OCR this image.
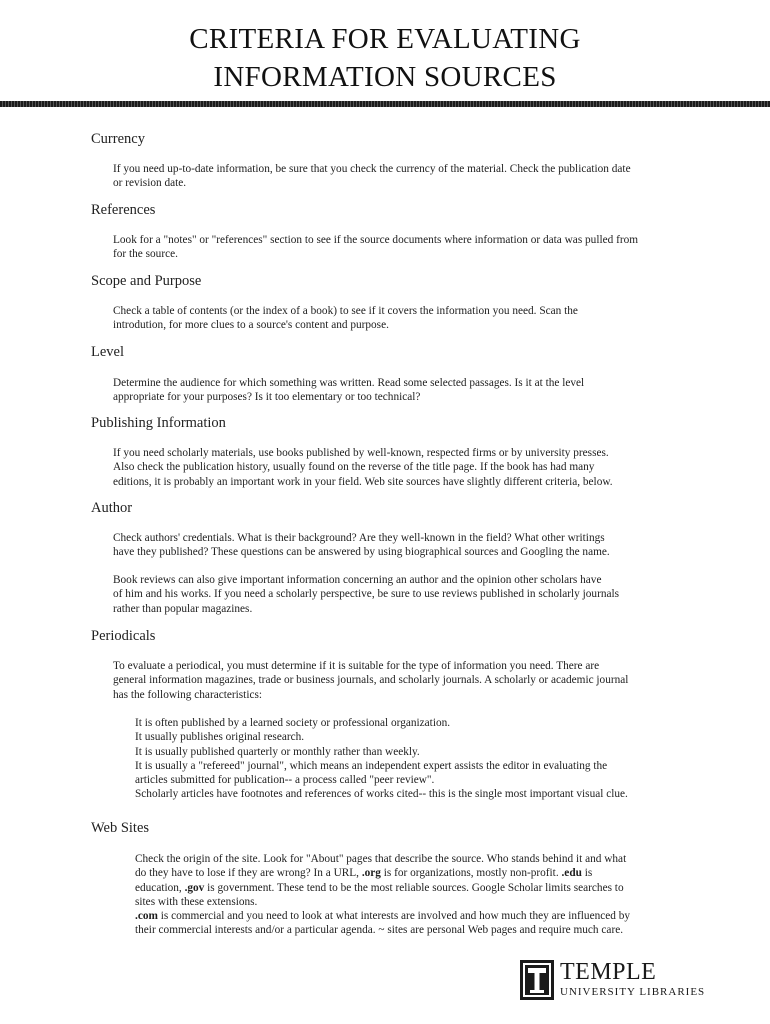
CRITERIA FOR EVALUATING
INFORMATION SOURCES
Currency
If you need up-to-date information, be sure that you check the currency of the material. Check the publication date
or revision date.
References
Look for a "notes" or "references" section to see if the source documents where information or data was pulled from
for the source.
Scope and Purpose
Check a table of contents (or the index of a book) to see if it covers the information you need. Scan the
introdution, for more clues to a source's content and purpose.
Level
Determine the audience for which something was written. Read some selected passages. Is it at the level
appropriate for your purposes? Is it too elementary or too technical?
Publishing Information
If you need scholarly materials, use books published by well-known, respected firms or by university presses.
Also check the publication history, usually found on the reverse of the title page. If the book has had many
editions, it is probably an important work in your field. Web site sources have slightly different criteria, below.
Author
Check authors' credentials. What is their background? Are they well-known in the field? What other writings
have they published? These questions can be answered by using biographical sources and Googling the name.
Book reviews can also give important information concerning an author and the opinion other scholars have
of him and his works. If you need a scholarly perspective, be sure to use reviews published in scholarly journals
rather than popular magazines.
Periodicals
To evaluate a periodical, you must determine if it is suitable for the type of information you need. There are
general information magazines, trade or business journals, and scholarly journals. A scholarly or academic journal
has the following characteristics:
It is often published by a learned society or professional organization.
It usually publishes original research.
It is usually published quarterly or monthly rather than weekly.
It is usually a "refereed" journal", which means an independent expert assists the editor in evaluating the
articles submitted for publication-- a process called "peer review".
Scholarly articles have footnotes and references of works cited-- this is the single most important visual clue.
Web Sites
Check the origin of the site. Look for "About" pages that describe the source. Who stands behind it and what
do they have to lose if they are wrong? In a URL, .org is for organizations, mostly non-profit. .edu is
education, .gov is government. These tend to be the most reliable sources. Google Scholar limits searches to
sites with these extensions.
.com is commercial and you need to look at what interests are involved and how much they are influenced by
their commercial interests and/or a particular agenda. ~ sites are personal Web pages and require much care.
TEMPLE
UNIVERSITY LIBRARIES
